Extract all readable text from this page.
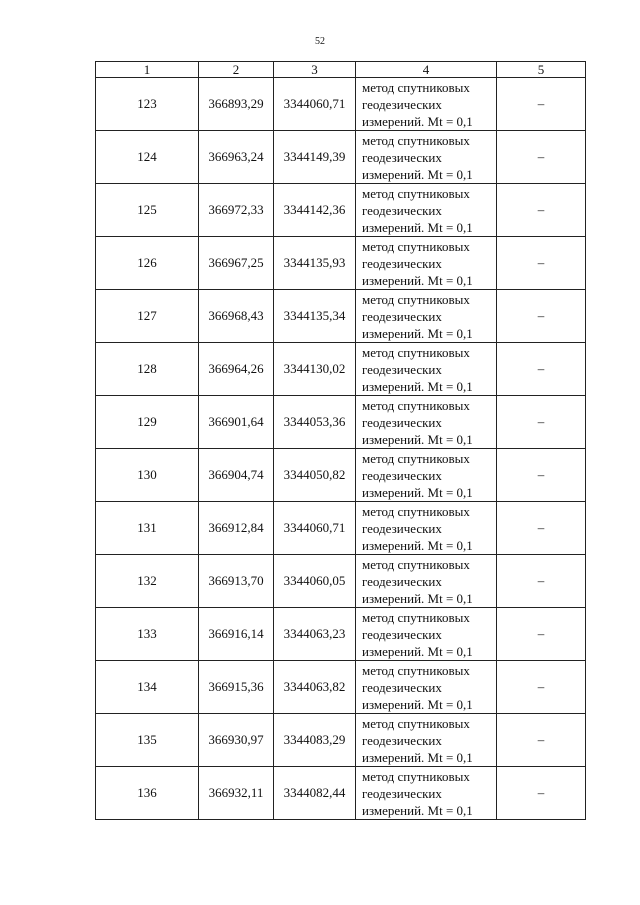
52
1	2	3	4	5
123	366893,29	3344060,71	метод спутниковых
геодезических
измерений. Mt = 0,1	–
124	366963,24	3344149,39	метод спутниковых
геодезических
измерений. Mt = 0,1	–
125	366972,33	3344142,36	метод спутниковых
геодезических
измерений. Mt = 0,1	–
126	366967,25	3344135,93	метод спутниковых
геодезических
измерений. Mt = 0,1	–
127	366968,43	3344135,34	метод спутниковых
геодезических
измерений. Mt = 0,1	–
128	366964,26	3344130,02	метод спутниковых
геодезических
измерений. Mt = 0,1	–
129	366901,64	3344053,36	метод спутниковых
геодезических
измерений. Mt = 0,1	–
130	366904,74	3344050,82	метод спутниковых
геодезических
измерений. Mt = 0,1	–
131	366912,84	3344060,71	метод спутниковых
геодезических
измерений. Mt = 0,1	–
132	366913,70	3344060,05	метод спутниковых
геодезических
измерений. Mt = 0,1	–
133	366916,14	3344063,23	метод спутниковых
геодезических
измерений. Mt = 0,1	–
134	366915,36	3344063,82	метод спутниковых
геодезических
измерений. Mt = 0,1	–
135	366930,97	3344083,29	метод спутниковых
геодезических
измерений. Mt = 0,1	–
136	366932,11	3344082,44	метод спутниковых
геодезических
измерений. Mt = 0,1	–
